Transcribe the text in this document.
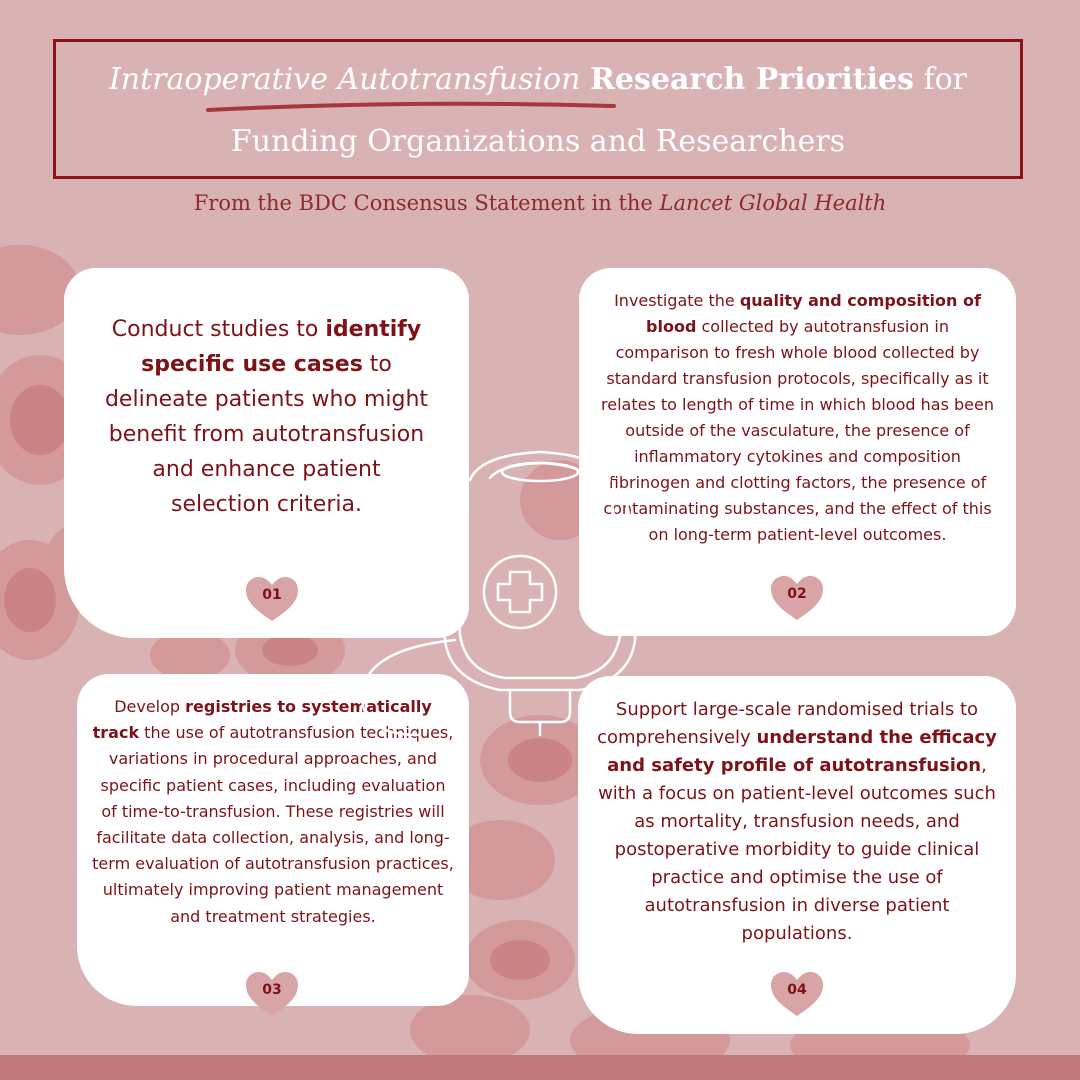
Intraoperative Autotransfusion Research Priorities for
Funding Organizations and Researchers
From the BDC Consensus Statement in the Lancet Global Health
Conduct studies to identify specific use cases to delineate patients who might benefit from autotransfusion and enhance patient selection criteria.
01
Investigate the quality and composition of blood collected by autotransfusion in comparison to fresh whole blood collected by standard transfusion protocols, specifically as it relates to length of time in which blood has been outside of the vasculature, the presence of inflammatory cytokines and composition fibrinogen and clotting factors, the presence of contaminating substances, and the effect of this on long-term patient-level outcomes.
02
Develop registries to systematically track the use of autotransfusion techniques, variations in procedural approaches, and specific patient cases, including evaluation of time-to-transfusion. These registries will facilitate data collection, analysis, and long-term evaluation of autotransfusion practices, ultimately improving patient management and treatment strategies.
03
Support large-scale randomised trials to comprehensively understand the efficacy and safety profile of autotransfusion, with a focus on patient-level outcomes such as mortality, transfusion needs, and postoperative morbidity to guide clinical practice and optimise the use of autotransfusion in diverse patient populations.
04
